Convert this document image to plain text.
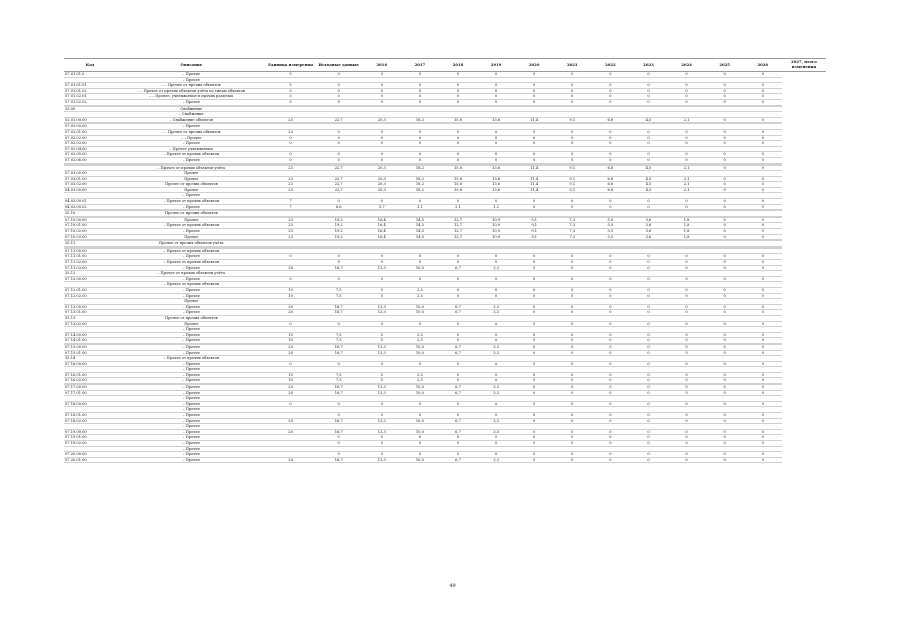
Код	Описание	Единица измерения	Исходные данные	2016	2017	2018	2019	2020	2021	2022	2023	2024	2025	2026	2027, итого изменения
07.01.01.0	– Прочие	5	0	0	0	0	0	0	0	0	0	0	0	0	
	– Прочее														
07.01.01.01	– – Прочее от прочих объектов	5	0	0	0	0	0	0	0	0	0	0	0	0	
07.01.01.02	– – Прочее от прочих объектов учёта по типам объектов	5	0	0	0	0	0	0	0	0	0	0	0	0	
07.01.02.01	– – Прочее, учитываемое в прочих разделах	5	0	0	0	0	0	0	0	0	0	0	0	0	
07.01.02.02	– Прочее	5	0	0	0	0	0	0	0	0	0	0	0	0	

35.00	Снабжение														
	– Снабжение														
02.01.00.00	– Снабжение объектов	23	22,7	20,3	18,2	15,8	13,6	11,4	9,1	6,8	4,5	2,1	0	0	

07.02.00.00	– Прочее														
07.02.01.00	– – Прочее от прочих объектов	23	0	0	0	0	0	0	0	0	0	0	0	0	
07.02.02.00	– – Прочее	0	0	0	0	0	0	0	0	0	0	0	0	0	
07.02.03.00	– Прочее	0	0	0	0	0	0	0	0	0	0	0	0	0	
07.02.04.00	– Прочее учитываемое														
07.02.05.00	– Прочее от прочих объектов	0	0	0	0	0	0	0	0	0	0	0	0	0	
07.02.06.00	– Прочее	0	0	0	0	0	0	0	0	0	0	0	0	0	

	– Прочее от прочих объектов учёта	23	22,7	20,3	18,2	15,8	13,6	11,4	9,1	6,8	4,5	2,1	0	0	
07.03.00.00	Прочее														
07.03.01.00	Прочее	23	22,7	20,3	18,2	15,8	13,6	11,4	9,1	6,8	4,5	2,1	0	0	
07.03.02.00	Прочее от прочих объектов	23	22,7	20,3	18,2	15,8	13,6	11,4	9,1	6,8	4,5	2,1	0	0	
04.03.00.00	Прочее	23	22,7	20,3	18,2	15,8	13,6	11,4	9,1	6,8	4,5	2,1	0	0	
	– Прочее														
04.03.00.01	– Прочее от прочих объектов	7	0	0	0	0	0	0	0	0	0	0	0	0	
04.03.00.02	– Прочее	7	6,6	5,7	3,1	2,1	1,2	0	0	0	0	0	0	0	

35.10	Прочее от прочих объектов														

07.10.00.00	Прочее	23	19,2	16,4	14,5	12,7	10,9	9,1	7,3	5,5	3,6	1,8	0	0	
07.10.01.00	– Прочее от прочих объектов	23	19,2	16,4	14,5	12,7	10,9	9,1	7,3	5,5	3,6	1,8	0	0	
07.10.02.00	– Прочее	23	19,2	16,4	14,5	12,7	10,9	9,1	7,3	5,5	3,6	1,8	0	0	
07.10.03.00	Прочее	23	19,2	16,4	14,5	12,7	10,9	9,1	7,3	5,5	3,6	1,8	0	0	

35.11	Прочее от прочих объектов учёта														

07.11.00.00	– Прочее от прочих объектов														
07.11.01.00	– Прочее	0	0	0	0	0	0	0	0	0	0	0	0	0	
07.11.02.00	– Прочее от прочих объектов		0	0	0	0	0	0	0	0	0	0	0	0	
07.11.03.00	– Прочее	28	16,7	13,3	10,0	6,7	3,3	0	0	0	0	0	0	0	
35.12	– Прочее от прочих объектов учёта														
07.12.00.00	– Прочее	0	0	0	0	0	0	0	0	0	0	0	0	0	
	– Прочее от прочих объектов														
07.12.01.00	– Прочее	10	7,5	5	2,5	0	0	0	0	0	0	0	0	0	
07.12.02.00	– Прочее	10	7,5	5	2,5	0	0	0	0	0	0	0	0	0	
	Прочее														
07.13.00.00	– Прочее	20	16,7	13,3	10,0	6,7	3,3	0	0	0	0	0	0	0	
07.13.01.00	– Прочее	20	16,7	13,3	10,0	6,7	3,3	0	0	0	0	0	0	0	
35.13	Прочее от прочих объектов														
07.13.02.00	Прочее	0	0	0	0	0	0	0	0	0	0	0	0	0	
	– Прочее														
07.14.00.00	– Прочее	10	7,5	5	2,5	0	0	0	0	0	0	0	0	0	
07.14.01.00	– Прочее	10	7,5	5	2,5	0	0	0	0	0	0	0	0	0	

07.15.00.00	– Прочее	20	16,7	13,3	10,0	6,7	3,3	0	0	0	0	0	0	0	
07.15.01.00	– Прочее	20	16,7	13,3	10,0	6,7	3,3	0	0	0	0	0	0	0	
35.14	– Прочее от прочих объектов														
07.16.00.00	– Прочее	0	0	0	0	0	0	0	0	0	0	0	0	0	
	– Прочее														
07.16.01.00	– Прочее	10	7,5	5	2,5	0	0	0	0	0	0	0	0	0	
07.16.02.00	– Прочее	10	7,5	5	2,5	0	0	0	0	0	0	0	0	0	

07.17.00.00	– Прочее	20	16,7	13,3	10,0	6,7	3,3	0	0	0	0	0	0	0	
07.17.01.00	– Прочее	20	16,7	13,3	10,0	6,7	3,3	0	0	0	0	0	0	0	
	– Прочее														
07.18.00.00	– Прочее	0	0	0	0	0	0	0	0	0	0	0	0	0	
	– Прочее														
07.18.01.00	– Прочее		0	0	0	0	0	0	0	0	0	0	0	0	
07.18.02.00	– Прочее	20	16,7	13,3	10,0	6,7	3,3	0	0	0	0	0	0	0	
	– Прочее														
07.19.00.00	– Прочее	20	16,7	13,3	10,0	6,7	3,3	0	0	0	0	0	0	0	
07.19.01.00	– Прочее		0	0	0	0	0	0	0	0	0	0	0	0	
07.19.02.00	– Прочее		0	0	0	0	0	0	0	0	0	0	0	0	
	– Прочее														
07.20.00.00	– Прочее		0	0	0	0	0	0	0	0	0	0	0	0	
07.20.01.00	– Прочее	20	16,7	13,3	10,0	6,7	3,3	0	0	0	0	0	0	0	
49
